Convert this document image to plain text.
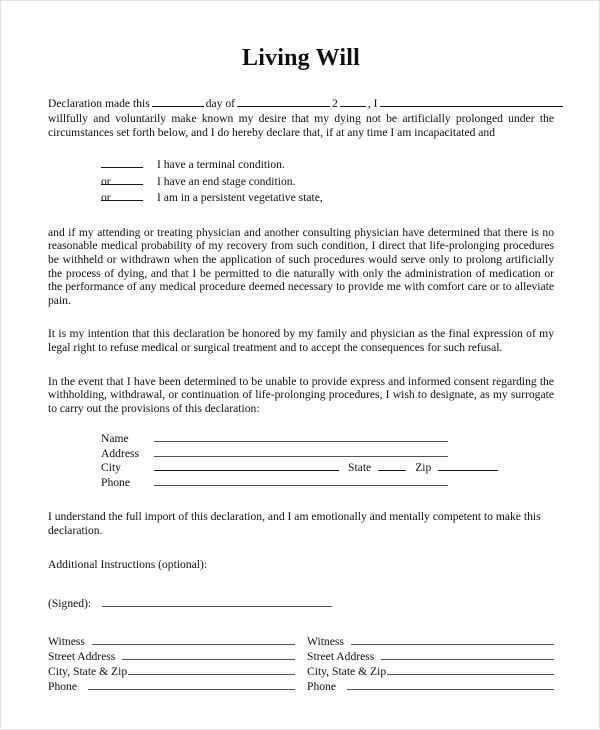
Living Will
Declaration made this	day of	2	, I
willfully and voluntarily make known my desire that my dying not be artificially prolonged under the circumstances set forth below, and I do hereby declare that, if at any time I am incapacitated and
I have a terminal condition.
or	I have an end stage condition.
or	I am in a persistent vegetative state,

and if my attending or treating physician and another consulting physician have determined that there is no reasonable medical probability of my recovery from such condition, I direct that life-prolonging procedures be withheld or withdrawn when the application of such procedures would serve only to prolong artificially the process of dying, and that I be permitted to die naturally with only the administration of medication or the performance of any medical procedure deemed necessary to provide me with comfort care or to alleviate pain.

It is my intention that this declaration be honored by my family and physician as the final expression of my legal right to refuse medical or surgical treatment and to accept the consequences for such refusal.

In the event that I have been determined to be unable to provide express and informed consent regarding the withholding, withdrawal, or continuation of life-prolonging procedures, I wish to designate, as my surrogate to carry out the provisions of this declaration:

Name
Address
City	State	Zip
Phone

I understand the full import of this declaration, and I am emotionally and mentally competent to make this declaration.

Additional Instructions (optional):

(Signed):
Witness
Street Address
City, State & Zip
Phone
Witness
Street Address
City, State & Zip
Phone
